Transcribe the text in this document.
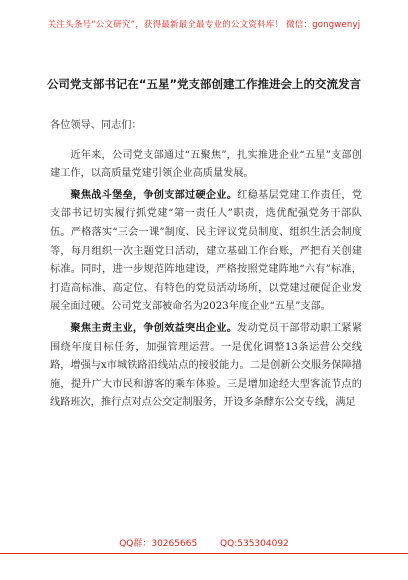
关注头条号“公文研究”，获得最新最全最专业的公文资料库！ 微信：gongwenyj
公司党支部书记在“五星”党支部创建工作推进会上的交流发言

各位领导、同志们：

近年来，公司党支部通过“五聚焦”，扎实推进企业“五星”支部创建工作，以高质量党建引领企业高质量发展。

聚焦战斗堡垒，争创支部过硬企业。红稳基层党建工作责任，党支部书记切实履行抓党建“第一责任人”职责，选优配强党务干部队伍。严格落实“三会一课”制度、民主评议党员制度、组织生活会制度等，每月组织一次主题党日活动，建立基础工作台账，严把有关创建标准。同时，进一步规范阵地建设，严格按照党建阵地“六有”标准，打造高标准、高定位、有特色的党员活动场所，以党建过硬促企业发展全面过硬。公司党支部被命名为2023年度企业“五星”支部。

聚焦主责主业，争创效益突出企业。发动党员干部带动职工紧紧围绕年度目标任务，加强管理运营。一是优化调整13条运营公交线路，增强与x市城铁路沿线站点的接驳能力。二是创新公交服务保障措施，提升广大市民和游客的乘车体验。三是增加途经大型客流节点的线路班次，推行点对点公交定制服务，开设多条酵东公交专线，满足

QQ群：30265665	QQ:535304092
